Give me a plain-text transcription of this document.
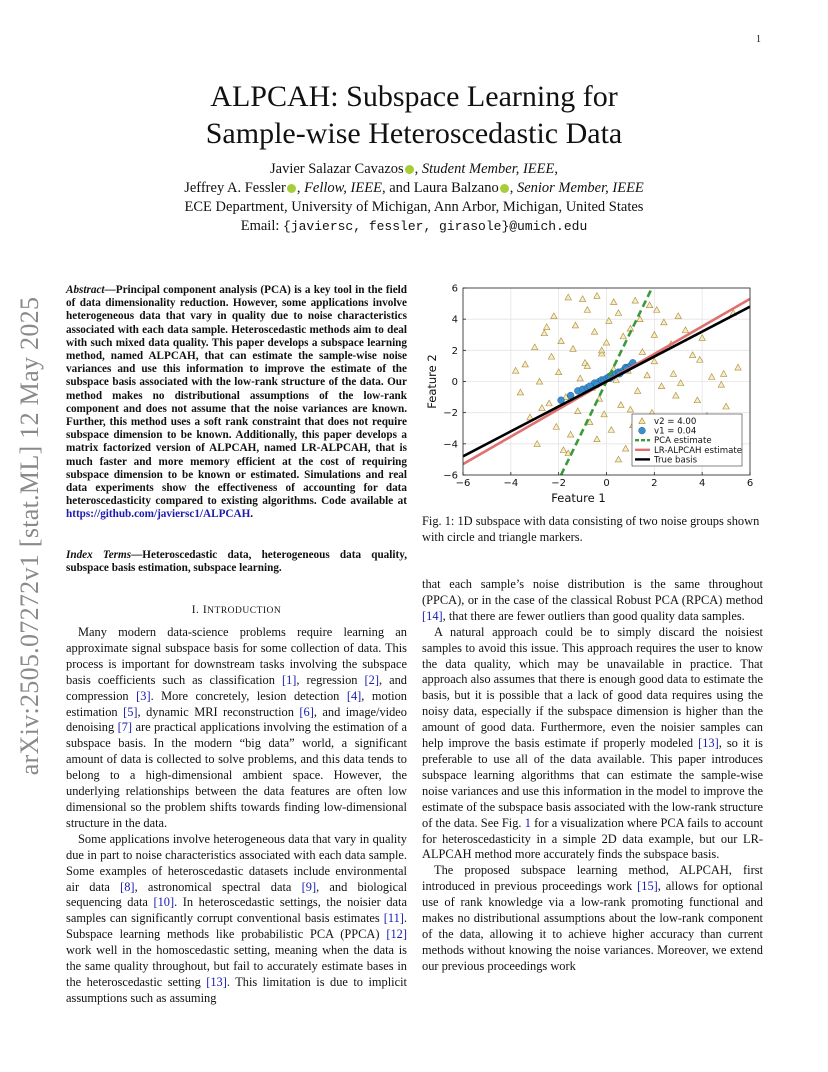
1
ALPCAH: Subspace Learning for
Sample-wise Heteroscedastic Data
Javier Salazar Cavazos , Student Member, IEEE,
Jeffrey A. Fessler , Fellow, IEEE, and Laura Balzano , Senior Member, IEEE
ECE Department, University of Michigan, Ann Arbor, Michigan, United States
Email: {javiersc, fessler, girasole}@umich.edu
arXiv:2505.07272v1 [stat.ML] 12 May 2025
Abstract—Principal component analysis (PCA) is a key tool in the field of data dimensionality reduction. However, some applications involve heterogeneous data that vary in quality due to noise characteristics associated with each data sample. Heteroscedastic methods aim to deal with such mixed data quality. This paper develops a subspace learning method, named ALPCAH, that can estimate the sample-wise noise variances and use this information to improve the estimate of the subspace basis associated with the low-rank structure of the data. Our method makes no distributional assumptions of the low-rank component and does not assume that the noise variances are known. Further, this method uses a soft rank constraint that does not require subspace dimension to be known. Additionally, this paper develops a matrix factorized version of ALPCAH, named LR-ALPCAH, that is much faster and more memory efficient at the cost of requiring subspace dimension to be known or estimated. Simulations and real data experiments show the effectiveness of accounting for data heteroscedasticity compared to existing algorithms. Code available at https://github.com/javiersc1/ALPCAH.
Index Terms—Heteroscedastic data, heterogeneous data quality, subspace basis estimation, subspace learning.
I. INTRODUCTION

Many modern data-science problems require learning an approximate signal subspace basis for some collection of data. This process is important for downstream tasks involving the subspace basis coefficients such as classification [1], regression [2], and compression [3]. More concretely, lesion detection [4], motion estimation [5], dynamic MRI reconstruction [6], and image/video denoising [7] are practical applications involving the estimation of a subspace basis. In the modern “big data” world, a significant amount of data is collected to solve problems, and this data tends to belong to a high-dimensional ambient space. However, the underlying relationships between the data features are often low dimensional so the problem shifts towards finding low-dimensional structure in the data.

Some applications involve heterogeneous data that vary in quality due in part to noise characteristics associated with each data sample. Some examples of heteroscedastic datasets include environmental air data [8], astronomical spectral data [9], and biological sequencing data [10]. In heteroscedastic settings, the noisier data samples can significantly corrupt conventional basis estimates [11]. Subspace learning methods like probabilistic PCA (PPCA) [12] work well in the homoscedastic setting, meaning when the data is the same quality throughout, but fail to accurately estimate bases in the heteroscedastic setting [13]. This limitation is due to implicit assumptions such as assuming

−6	−4	−2	0	2	4	6
−6
−4
−2
0
2
4
6
Feature 1
Feature 2
v2 = 4.00
v1 = 0.04
PCA estimate
LR-ALPCAH estimate
True basis
Fig. 1: 1D subspace with data consisting of two noise groups shown with circle and triangle markers.

that each sample’s noise distribution is the same throughout (PPCA), or in the case of the classical Robust PCA (RPCA) method [14], that there are fewer outliers than good quality data samples.

A natural approach could be to simply discard the noisiest samples to avoid this issue. This approach requires the user to know the data quality, which may be unavailable in practice. That approach also assumes that there is enough good data to estimate the basis, but it is possible that a lack of good data requires using the noisy data, especially if the subspace dimension is higher than the amount of good data. Furthermore, even the noisier samples can help improve the basis estimate if properly modeled [13], so it is preferable to use all of the data available. This paper introduces subspace learning algorithms that can estimate the sample-wise noise variances and use this information in the model to improve the estimate of the subspace basis associated with the low-rank structure of the data. See Fig. 1 for a visualization where PCA fails to account for heteroscedasticity in a simple 2D data example, but our LR-ALPCAH method more accurately finds the subspace basis.

The proposed subspace learning method, ALPCAH, first introduced in previous proceedings work [15], allows for optional use of rank knowledge via a low-rank promoting functional and makes no distributional assumptions about the low-rank component of the data, allowing it to achieve higher accuracy than current methods without knowing the noise variances. Moreover, we extend our previous proceedings work
